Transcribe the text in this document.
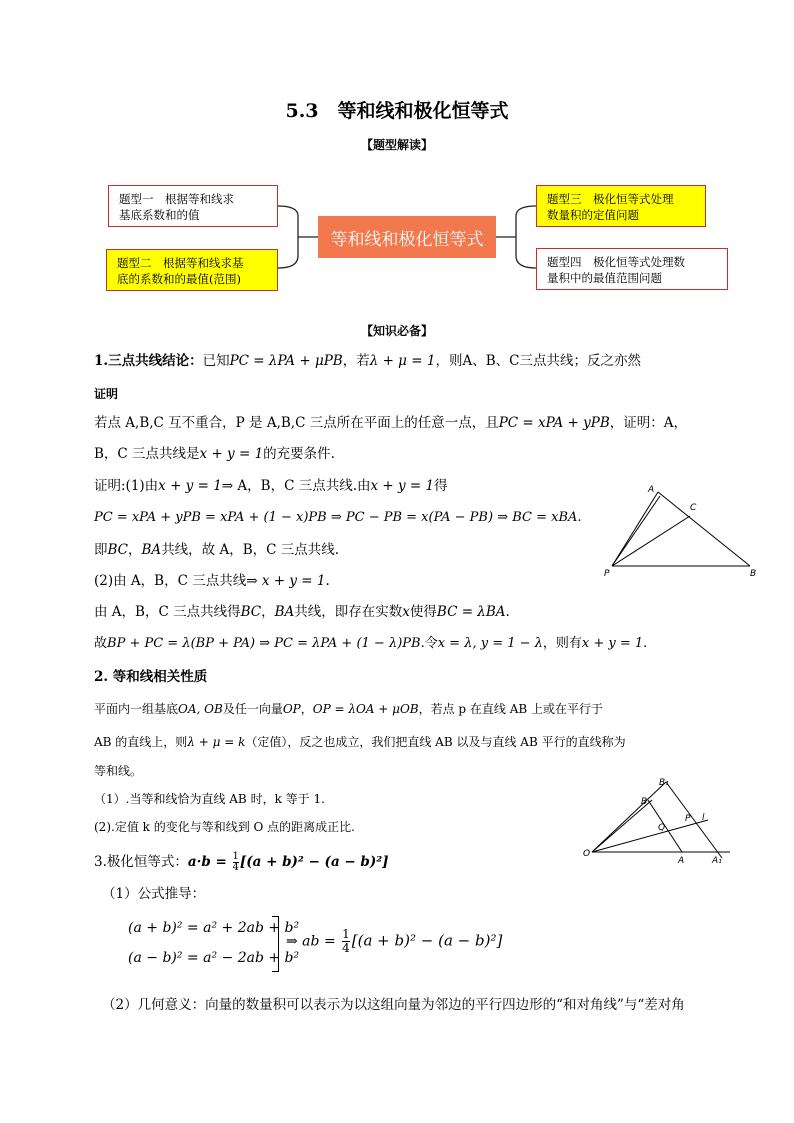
5.3　等和线和极化恒等式
【题型解读】
题型一　根据等和线求
基底系数和的值
题型二　根据等和线求基
底的系数和的最值(范围)
等和线和极化恒等式
题型三　极化恒等式处理
数量积的定值问题
题型四　极化恒等式处理数
量积中的最值范围问题
【知识必备】
1.三点共线结论：已知PC = λPA + μPB，若λ + μ = 1，则A、B、C三点共线；反之亦然
证明
若点 A,B,C 互不重合，P 是 A,B,C 三点所在平面上的任意一点，且PC = xPA + yPB，证明：A，
B，C 三点共线是x + y = 1的充要条件.
证明:(1)由x + y = 1⇒ A，B，C 三点共线.由x + y = 1得
PC = xPA + yPB = xPA + (1 − x)PB ⇒ PC − PB = x(PA − PB) ⇒ BC = xBA.
即BC，BA共线，故 A，B，C 三点共线.
(2)由 A，B，C 三点共线⇒ x + y = 1.
由 A，B，C 三点共线得BC，BA共线，即存在实数x使得BC = λBA.
故BP + PC = λ(BP + PA) ⇒ PC = λPA + (1 − λ)PB.令x = λ, y = 1 − λ，则有x + y = 1.
A
C
P	B
B₁
B
Q
P l
O
A	A₁
2. 等和线相关性质
平面内一组基底OA, OB及任一向量OP，OP = λOA + μOB，若点 p 在直线 AB 上或在平行于
AB 的直线上，则λ + μ = k（定值），反之也成立，我们把直线 AB 以及与直线 AB 平行的直线称为
等和线。
（1）.当等和线恰为直线 AB 时，k 等于 1.
(2).定值 k 的变化与等和线到 O 点的距离成正比.
3.极化恒等式：$a\cdot b = \frac{1}{4} [(a + b)^2 - (a - b)^2]$
（1）公式推导：
(a + b)² = a² + 2ab + b²
(a − b)² = a² − 2ab + b²
⇒ ab = $\frac{1}{4} [(a + b)^2 - (a - b)^2]$
（2）几何意义：向量的数量积可以表示为以这组向量为邻边的平行四边形的“和对角线”与“差对角
